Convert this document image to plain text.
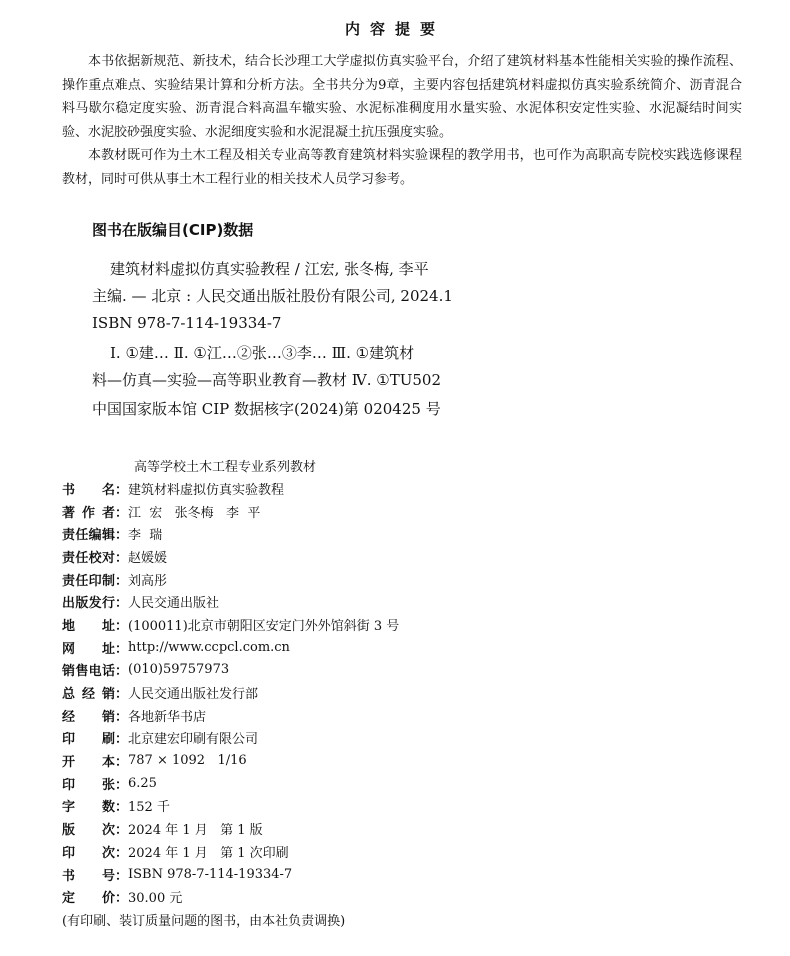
内容提要

本书依据新规范、新技术，结合长沙理工大学虚拟仿真实验平台，介绍了建筑材料基本性能相关实验的操作流程、操作重点难点、实验结果计算和分析方法。全书共分为9章，主要内容包括建筑材料虚拟仿真实验系统简介、沥青混合料马歇尔稳定度实验、沥青混合料高温车辙实验、水泥标准稠度用水量实验、水泥体积安定性实验、水泥凝结时间实验、水泥胶砂强度实验、水泥细度实验和水泥混凝土抗压强度实验。

本教材既可作为土木工程及相关专业高等教育建筑材料实验课程的教学用书，也可作为高职高专院校实践选修课程教材，同时可供从事土木工程行业的相关技术人员学习参考。

图书在版编目(CIP)数据
建筑材料虚拟仿真实验教程 / 江宏, 张冬梅, 李平
主编. — 北京 : 人民交通出版社股份有限公司, 2024.1
ISBN 978-7-114-19334-7
Ⅰ. ①建… Ⅱ. ①江…②张…③李… Ⅲ. ①建筑材
料—仿真—实验—高等职业教育—教材 Ⅳ. ①TU502
中国国家版本馆 CIP 数据核字(2024)第 020425 号
高等学校土木工程专业系列教材
书 名： 建筑材料虚拟仿真实验教程
著 作 者： 江  宏   张冬梅   李  平
责 任 编 辑： 李  瑞
责 任 校 对： 赵媛媛
责 任 印 制： 刘高彤
出 版 发 行： 人民交通出版社
地 址： (100011)北京市朝阳区安定门外外馆斜街 3 号
网 址： http://www.ccpcl.com.cn
销 售 电 话： (010)59757973
总 经 销： 人民交通出版社发行部
经 销： 各地新华书店
印 刷： 北京建宏印刷有限公司
开 本： 787 × 1092   1/16
印 张： 6.25
字 数： 152 千
版 次： 2024 年 1 月   第 1 版
印 次： 2024 年 1 月   第 1 次印刷
书 号： ISBN 978-7-114-19334-7
定 价： 30.00 元
(有印刷、装订质量问题的图书，由本社负责调换)
